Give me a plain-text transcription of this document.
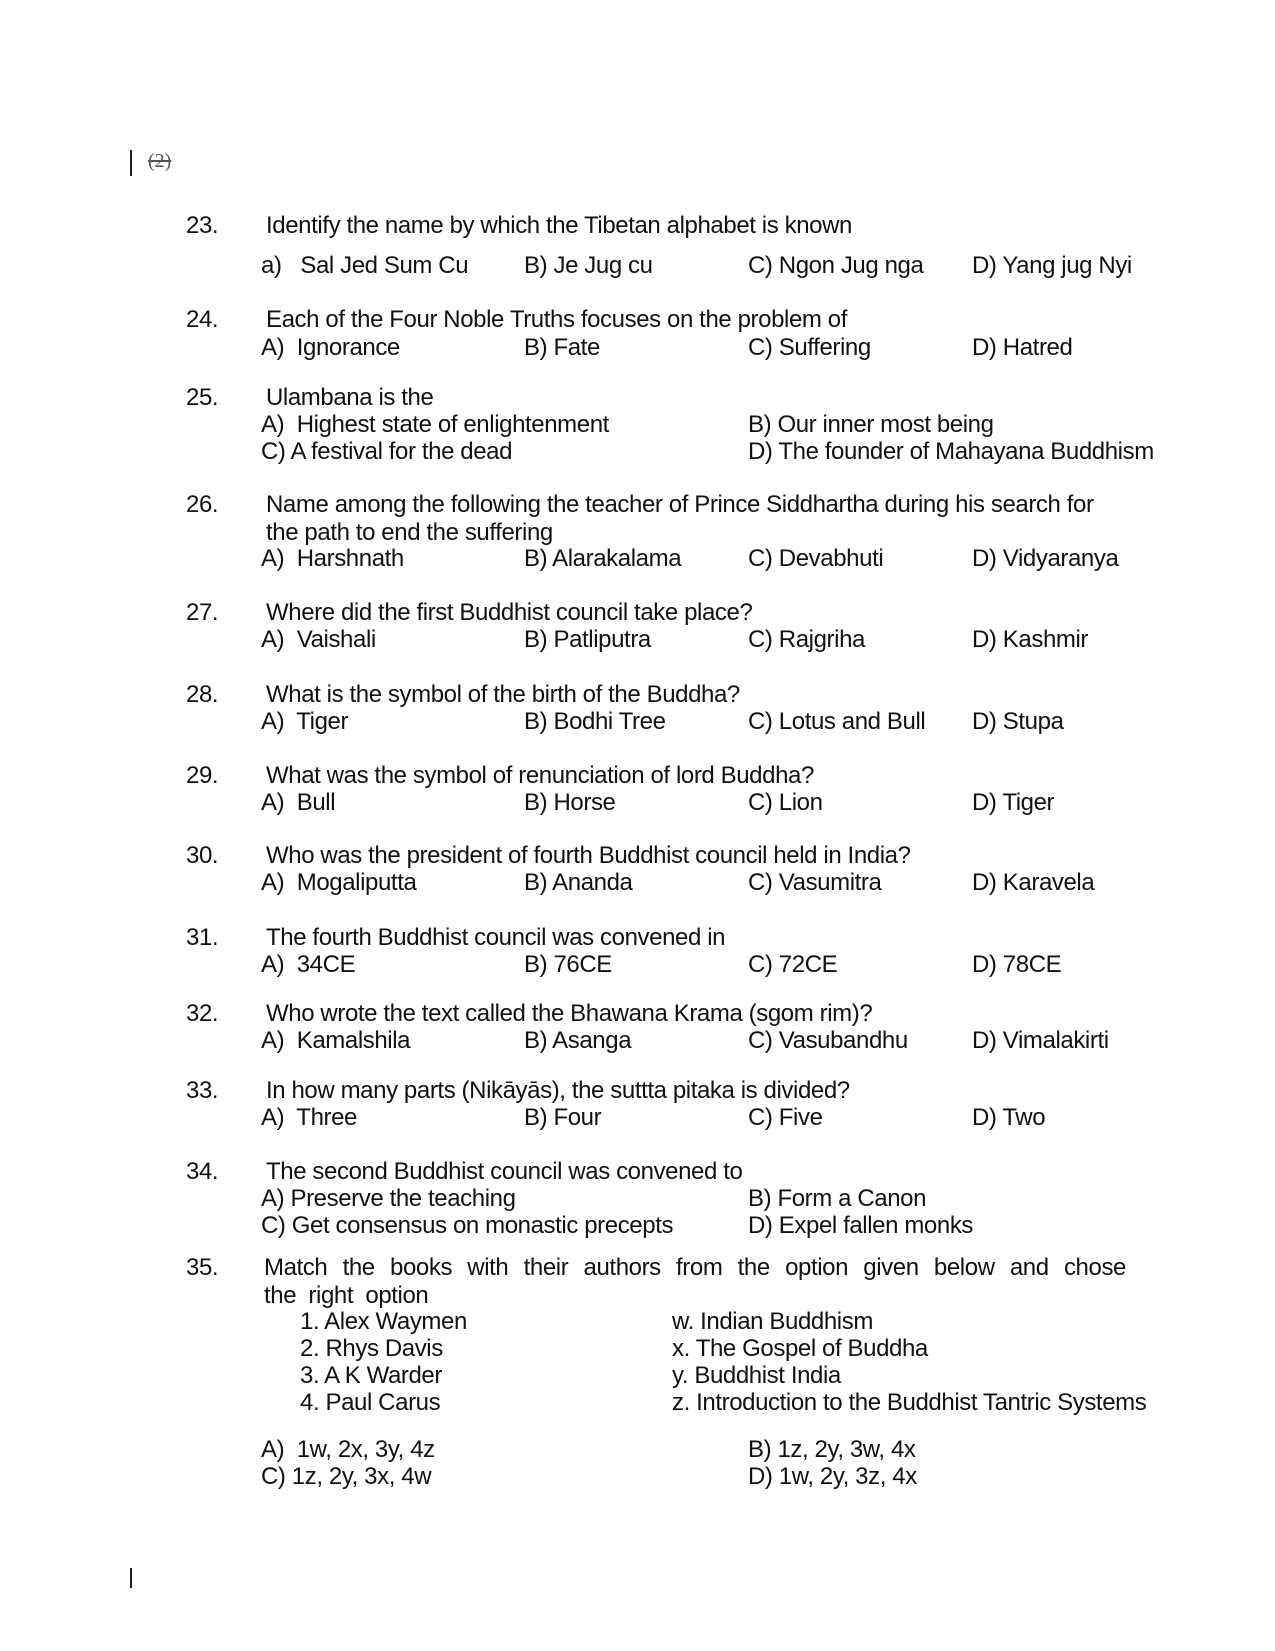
(2)
23. Identify the name by which the Tibetan alphabet is known
a)   Sal Jed Sum Cu B) Je Jug cu	C) Ngon Jug nga D) Yang jug Nyi
24. Each of the Four Noble Truths focuses on the problem of
A)  Ignorance	B) Fate	C) Suffering	D) Hatred
25. Ulambana is the
A)  Highest state of enlightenment	B) Our inner most being
C) A festival for the dead	D) The founder of Mahayana Buddhism
26. Name among the following the teacher of Prince Siddhartha during his search for the path to end the suffering
A)  Harshnath	B) Alarakalama	C) Devabhuti	D) Vidyaranya
27. Where did the first Buddhist council take place?
A)  Vaishali	B) Patliputra	C) Rajgriha	D) Kashmir
28. What is the symbol of the birth of the Buddha?
A)  Tiger	B) Bodhi Tree	C) Lotus and Bull D) Stupa
29. What was the symbol of renunciation of lord Buddha?
A)  Bull	B) Horse	C) Lion	D) Tiger
30. Who was the president of fourth Buddhist council held in India?
A)  Mogaliputta	B) Ananda	C) Vasumitra	D) Karavela
31. The fourth Buddhist council was convened in
A)  34CE	B) 76CE	C) 72CE	D) 78CE
32. Who wrote the text called the Bhawana Krama (sgom rim)?
A)  Kamalshila	B) Asanga	C) Vasubandhu	D) Vimalakirti
33. In how many parts (Nikāyās), the suttta pitaka is divided?
A)  Three	B) Four	C) Five	D) Two
34. The second Buddhist council was convened to
A) Preserve the teaching	B) Form a Canon
C) Get consensus on monastic precepts	D) Expel fallen monks
35. Match the books with their authors from the option given below and chose the right option
1. Alex Waymen	w. Indian Buddhism
2. Rhys Davis	x. The Gospel of Buddha
3. A K Warder	y. Buddhist India
4. Paul Carus	z. Introduction to the Buddhist Tantric Systems
A)  1w, 2x, 3y, 4z	B) 1z, 2y, 3w, 4x
C) 1z, 2y, 3x, 4w	D) 1w, 2y, 3z, 4x
